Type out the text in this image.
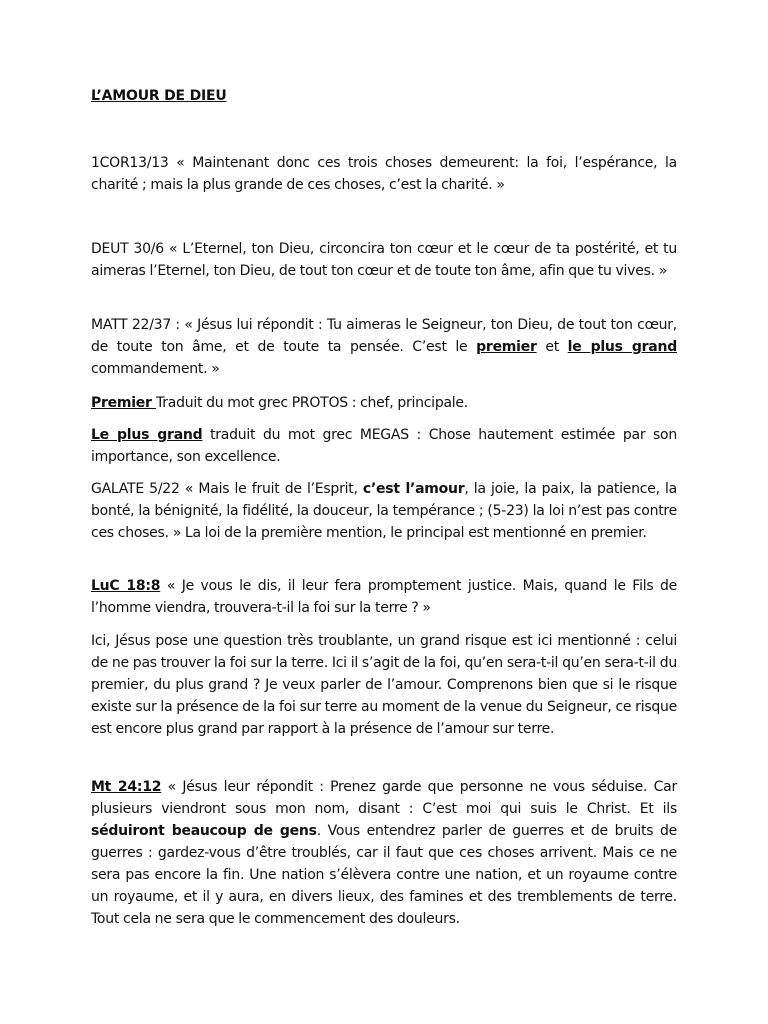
L’AMOUR DE DIEU

1COR13/13 « Maintenant donc ces trois choses demeurent: la foi, l’espérance, la charité ; mais la plus grande de ces choses, c’est la charité. »

DEUT 30/6 « L’Eternel, ton Dieu, circoncira ton cœur et le cœur de ta postérité, et tu aimeras l’Eternel, ton Dieu, de tout ton cœur et de toute ton âme, afin que tu vives. »

MATT 22/37 : « Jésus lui répondit : Tu aimeras le Seigneur, ton Dieu, de tout ton cœur, de toute ton âme, et de toute ta pensée. C’est le premier et le plus grand commandement. »

Premier Traduit du mot grec PROTOS : chef, principale.

Le plus grand traduit du mot grec MEGAS : Chose hautement estimée par son importance, son excellence.

GALATE 5/22 « Mais le fruit de l’Esprit, c’est l’amour, la joie, la paix, la patience, la bonté, la bénignité, la fidélité, la douceur, la tempérance ; (5-23) la loi n’est pas contre ces choses. » La loi de la première mention, le principal est mentionné en premier.

LuC 18:8 « Je vous le dis, il leur fera promptement justice. Mais, quand le Fils de l’homme viendra, trouvera-t-il la foi sur la terre ? »

Ici, Jésus pose une question très troublante, un grand risque est ici mentionné : celui de ne pas trouver la foi sur la terre. Ici il s’agit de la foi, qu’en sera-t-il qu’en sera-t-il du premier, du plus grand ? Je veux parler de l’amour. Comprenons bien que si le risque existe sur la présence de la foi sur terre au moment de la venue du Seigneur, ce risque est encore plus grand par rapport à la présence de l’amour sur terre.

Mt 24:12 « Jésus leur répondit : Prenez garde que personne ne vous séduise. Car plusieurs viendront sous mon nom, disant : C’est moi qui suis le Christ. Et ils séduiront beaucoup de gens. Vous entendrez parler de guerres et de bruits de guerres : gardez-vous d’être troublés, car il faut que ces choses arrivent. Mais ce ne sera pas encore la fin. Une nation s’élèvera contre une nation, et un royaume contre un royaume, et il y aura, en divers lieux, des famines et des tremblements de terre. Tout cela ne sera que le commencement des douleurs.
